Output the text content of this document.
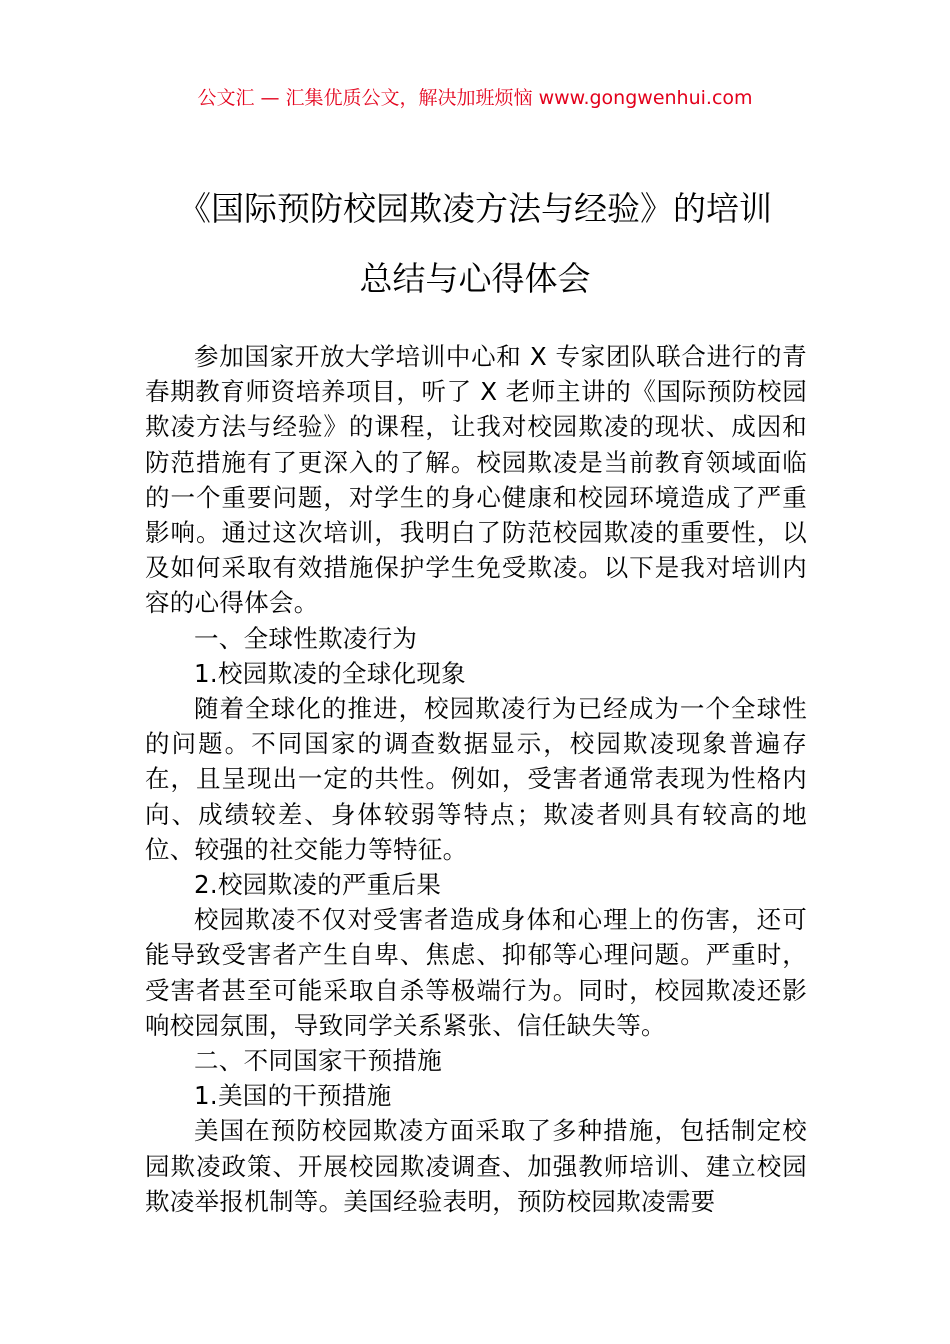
公文汇 — 汇集优质公文，解决加班烦恼 www.gongwenhui.com
《国际预防校园欺凌方法与经验》的培训
总结与心得体会

参加国家开放大学培训中心和 X 专家团队联合进行的青春期教育师资培养项目，听了 X 老师主讲的《国际预防校园欺凌方法与经验》的课程，让我对校园欺凌的现状、成因和防范措施有了更深入的了解。校园欺凌是当前教育领域面临的一个重要问题，对学生的身心健康和校园环境造成了严重影响。通过这次培训，我明白了防范校园欺凌的重要性，以及如何采取有效措施保护学生免受欺凌。以下是我对培训内容的心得体会。

一、全球性欺凌行为

1.校园欺凌的全球化现象

随着全球化的推进，校园欺凌行为已经成为一个全球性的问题。不同国家的调查数据显示，校园欺凌现象普遍存在，且呈现出一定的共性。例如，受害者通常表现为性格内向、成绩较差、身体较弱等特点；欺凌者则具有较高的地位、较强的社交能力等特征。

2.校园欺凌的严重后果

校园欺凌不仅对受害者造成身体和心理上的伤害，还可能导致受害者产生自卑、焦虑、抑郁等心理问题。严重时，受害者甚至可能采取自杀等极端行为。同时，校园欺凌还影响校园氛围，导致同学关系紧张、信任缺失等。

二、不同国家干预措施

1.美国的干预措施

美国在预防校园欺凌方面采取了多种措施，包括制定校园欺凌政策、开展校园欺凌调查、加强教师培训、建立校园欺凌举报机制等。美国经验表明，预防校园欺凌需要
